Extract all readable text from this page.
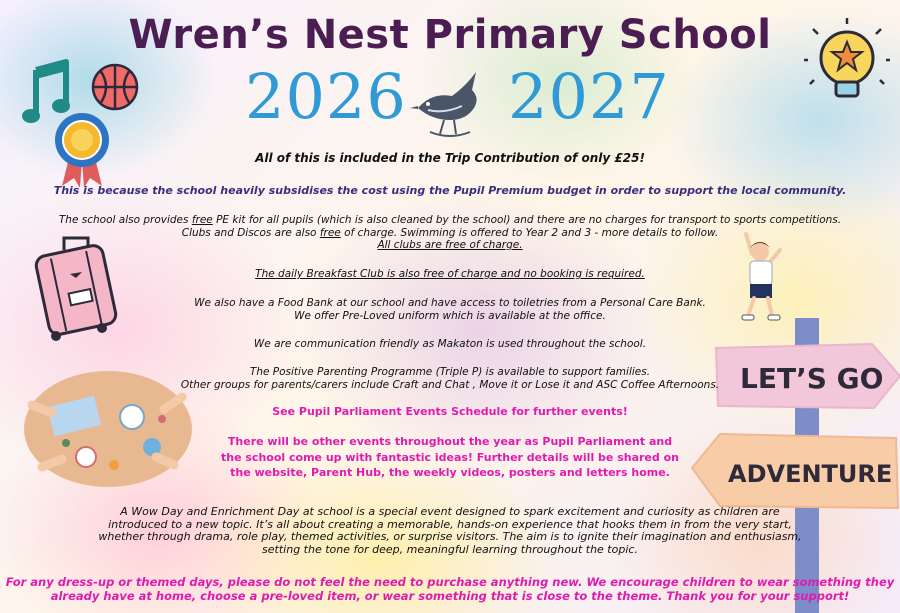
LET’S GO
ADVENTURE
Wren’s Nest Primary School
2026 2027
All of this is included in the Trip Contribution of only £25!
This is because the school heavily subsidises the cost using the Pupil Premium budget in order to support the local community.
The school also provides free PE kit for all pupils (which is also cleaned by the school) and there are no charges for transport to sports competitions.
Clubs and Discos are also free of charge. Swimming is offered to Year 2 and 3 - more details to follow.
All clubs are free of charge.
The daily Breakfast Club is also free of charge and no booking is required.
We also have a Food Bank at our school and have access to toiletries from a Personal Care Bank.
We offer Pre-Loved uniform which is available at the office.
We are communication friendly as Makaton is used throughout the school.
The Positive Parenting Programme (Triple P) is available to support families.
Other groups for parents/carers include Craft and Chat , Move it or Lose it and ASC Coffee Afternoons.
See Pupil Parliament Events Schedule for further events!
There will be other events throughout the year as Pupil Parliament and
the school come up with fantastic ideas! Further details will be shared on
the website, Parent Hub, the weekly videos, posters and letters home.
A Wow Day and Enrichment Day at school is a special event designed to spark excitement and curiosity as children are
introduced to a new topic. It’s all about creating a memorable, hands-on experience that hooks them in from the very start,
whether through drama, role play, themed activities, or surprise visitors. The aim is to ignite their imagination and enthusiasm,
setting the tone for deep, meaningful learning throughout the topic.
For any dress-up or themed days, please do not feel the need to purchase anything new. We encourage children to wear something they
already have at home, choose a pre-loved item, or wear something that is close to the theme. Thank you for your support!
